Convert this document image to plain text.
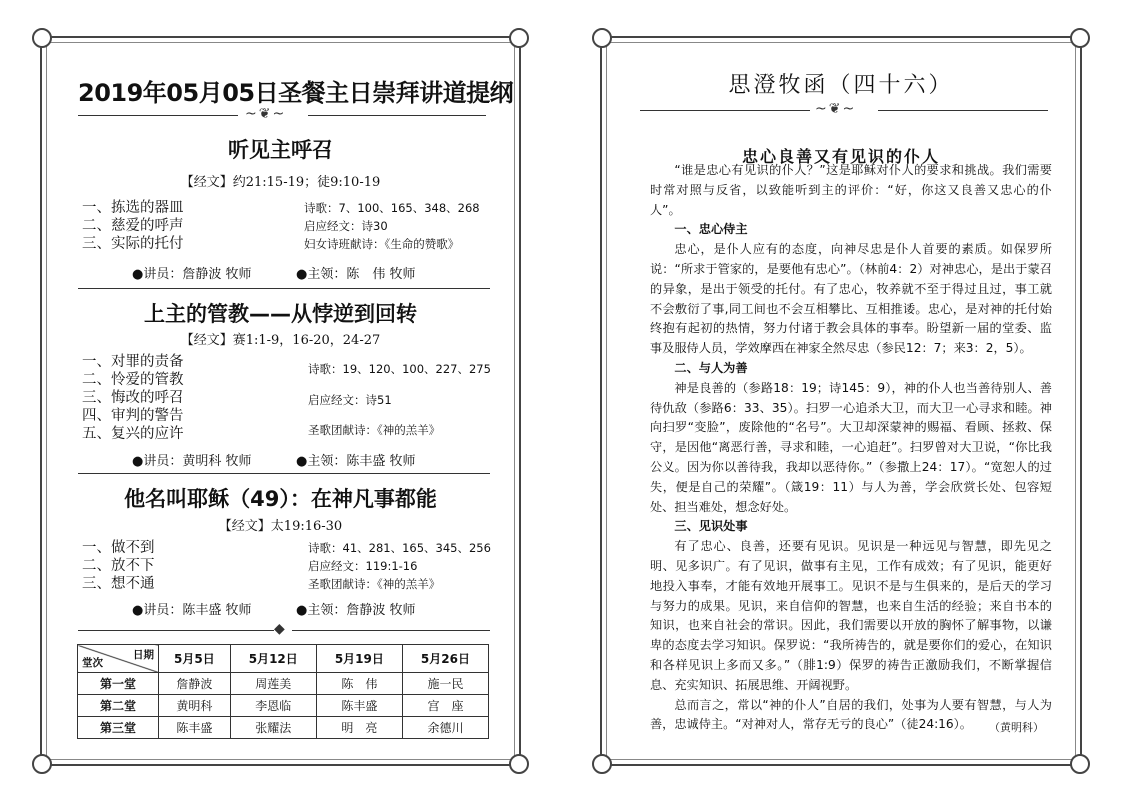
2019年05月05日圣餐主日崇拜讲道提纲
~❦~
听见主呼召
【经文】约21:15-19；徒9:10-19
一、拣选的器皿
二、慈爱的呼声
三、实际的托付
诗歌：7、100、165、348、268
启应经文：诗30
妇女诗班献诗：《生命的赞歌》
●讲员：詹静波 牧师	●主领：陈　伟 牧师
上主的管教——从悖逆到回转
【经文】赛1:1-9，16-20，24-27
一、对罪的责备
二、怜爱的管教
三、悔改的呼召
四、审判的警告
五、复兴的应许
诗歌：19、120、100、227、275
启应经文：诗51
圣歌团献诗：《神的羔羊》
●讲员：黄明科 牧师	●主领：陈丰盛 牧师
他名叫耶稣（49）：在神凡事都能
【经文】太19:16-30
一、做不到
二、放不下
三、想不通
诗歌：41、281、165、345、256
启应经文：119:1-16
圣歌团献诗：《神的羔羊》
●讲员：陈丰盛 牧师	●主领：詹静波 牧师
◆
日期
堂次	5月5日	5月12日	5月19日	5月26日
第一堂	詹静波	周莲美	陈　伟	施一民
第二堂	黄明科	李恩临	陈丰盛	宫　座
第三堂	陈丰盛	张耀法	明　亮	余德川
思澄牧函（四十六）
~❦~
忠心良善又有见识的仆人

“谁是忠心有见识的仆人？”这是耶稣对仆人的要求和挑战。我们需要时常对照与反省，以致能听到主的评价：“好，你这又良善又忠心的仆人”。

一、忠心侍主

忠心，是仆人应有的态度，向神尽忠是仆人首要的素质。如保罗所说：“所求于管家的，是要他有忠心”。（林前4：2）对神忠心，是出于蒙召的异象，是出于领受的托付。有了忠心，牧养就不至于得过且过，事工就不会敷衍了事,同工间也不会互相攀比、互相推诿。忠心，是对神的托付始终抱有起初的热情，努力付诸于教会具体的事奉。盼望新一届的堂委、监事及服侍人员，学效摩西在神家全然尽忠（参民12：7；来3：2，5）。

二、与人为善

神是良善的（参路18：19；诗145：9），神的仆人也当善待别人、善待仇敌（参路6：33、35）。扫罗一心追杀大卫，而大卫一心寻求和睦。神向扫罗“变脸”，废除他的“名号”。大卫却深蒙神的赐福、看顾、拯救、保守，是因他“离恶行善，寻求和睦，一心追赶”。扫罗曾对大卫说，“你比我公义。因为你以善待我，我却以恶待你。”（参撒上24：17）。“宽恕人的过失，便是自己的荣耀”。（箴19：11）与人为善，学会欣赏长处、包容短处、担当难处，想念好处。

三、见识处事

有了忠心、良善，还要有见识。见识是一种远见与智慧，即先见之明、见多识广。有了见识，做事有主见，工作有成效；有了见识，能更好地投入事奉，才能有效地开展事工。见识不是与生俱来的，是后天的学习与努力的成果。见识，来自信仰的智慧，也来自生活的经验；来自书本的知识，也来自社会的常识。因此，我们需要以开放的胸怀了解事物，以谦卑的态度去学习知识。保罗说：“我所祷告的，就是要你们的爱心，在知识和各样见识上多而又多。”（腓1:9）保罗的祷告正激励我们，不断掌握信息、充实知识、拓展思维、开阔视野。

总而言之，常以“神的仆人”自居的我们，处事为人要有智慧，与人为善，忠诚侍主。“对神对人，常存无亏的良心”（徒24:16）。	（黄明科）
